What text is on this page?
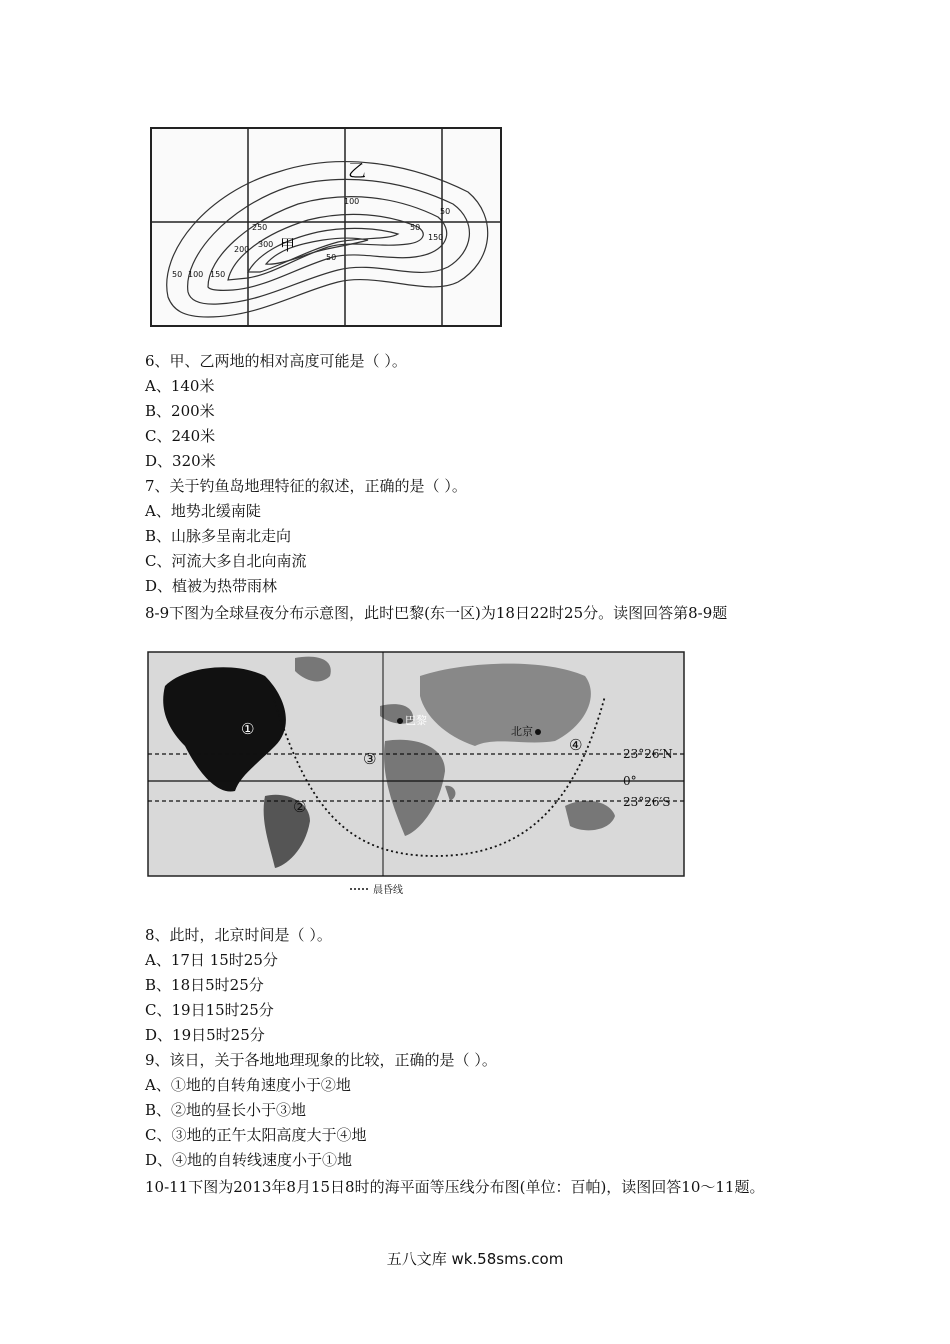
乙
甲
50 100 150
200
250
300
100
50
150
50
50
6、甲、乙两地的相对高度可能是（ ）。
A、140米
B、200米
C、240米
D、320米
7、关于钓鱼岛地理特征的叙述，正确的是（ ）。
A、地势北缓南陡
B、山脉多呈南北走向
C、河流大多自北向南流
D、植被为热带雨林
8-9下图为全球昼夜分布示意图，此时巴黎(东一区)为18日22时25分。读图回答第8-9题
巴黎
北京
①
②
③
④	23°26′N
0°
23°26′S
晨昏线
8、此时，北京时间是（ ）。
A、17日 15时25分
B、18日5时25分
C、19日15时25分
D、19日5时25分
9、该日，关于各地地理现象的比较，正确的是（ ）。
A、①地的自转角速度小于②地
B、②地的昼长小于③地
C、③地的正午太阳高度大于④地
D、④地的自转线速度小于①地
10-11下图为2013年8月15日8时的海平面等压线分布图(单位：百帕)，读图回答10～11题。
五八文库 wk.58sms.com
